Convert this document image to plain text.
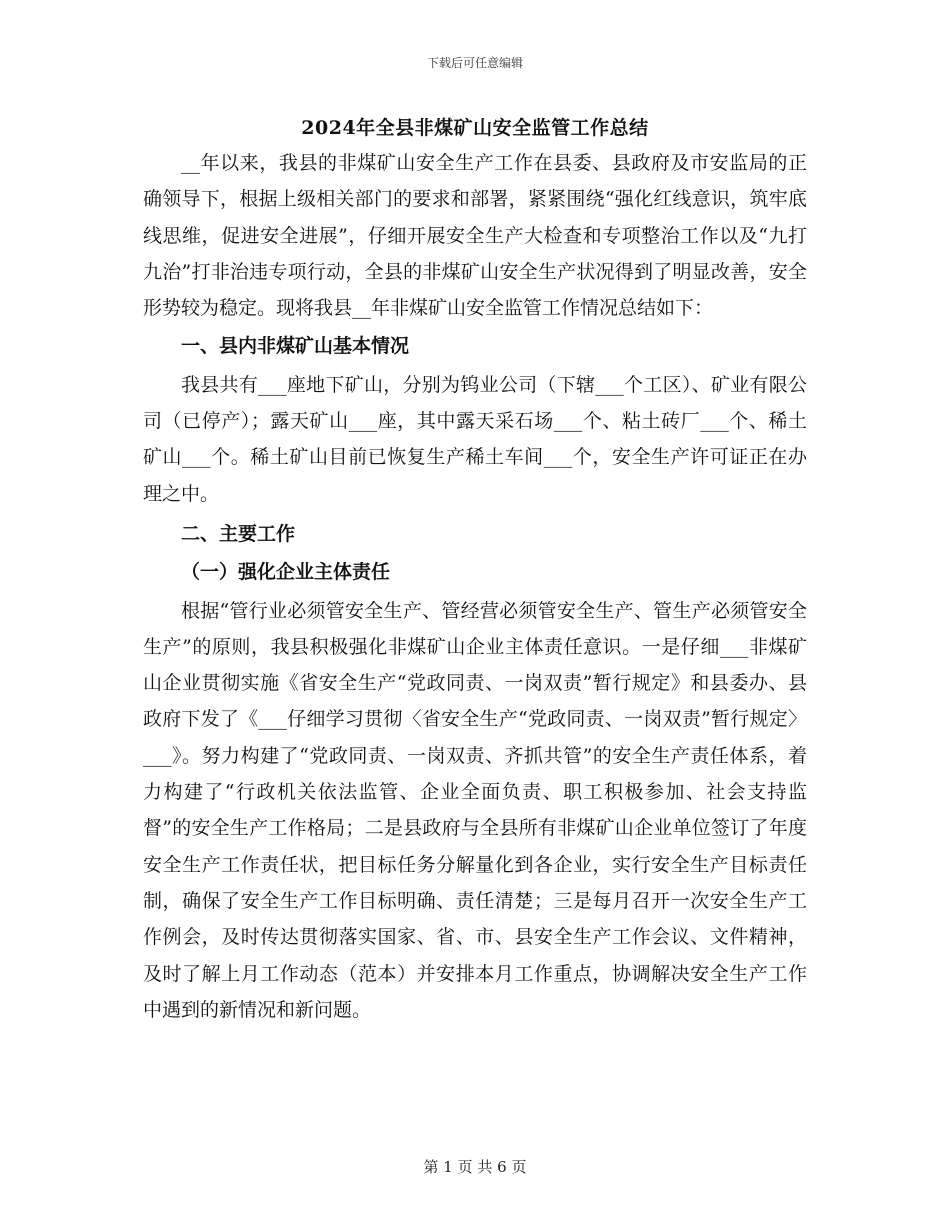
下载后可任意编辑
2024年全县非煤矿山安全监管工作总结

__年以来，我县的非煤矿山安全生产工作在县委、县政府及市安监局的正确领导下，根据上级相关部门的要求和部署，紧紧围绕“强化红线意识，筑牢底线思维，促进安全进展”，仔细开展安全生产大检查和专项整治工作以及“九打九治”打非治违专项行动，全县的非煤矿山安全生产状况得到了明显改善，安全形势较为稳定。现将我县__年非煤矿山安全监管工作情况总结如下：

一、县内非煤矿山基本情况

我县共有___座地下矿山，分别为钨业公司（下辖___个工区）、矿业有限公司（已停产）；露天矿山___座，其中露天采石场___个、粘土砖厂___个、稀土矿山___个。稀土矿山目前已恢复生产稀土车间___个，安全生产许可证正在办理之中。

二、主要工作

（一）强化企业主体责任

根据“管行业必须管安全生产、管经营必须管安全生产、管生产必须管安全生产”的原则，我县积极强化非煤矿山企业主体责任意识。一是仔细___非煤矿山企业贯彻实施《省安全生产“党政同责、一岗双责”暂行规定》和县委办、县政府下发了《___仔细学习贯彻〈省安全生产“党政同责、一岗双责”暂行规定〉___》。努力构建了“党政同责、一岗双责、齐抓共管”的安全生产责任体系，着力构建了“行政机关依法监管、企业全面负责、职工积极参加、社会支持监督”的安全生产工作格局；二是县政府与全县所有非煤矿山企业单位签订了年度安全生产工作责任状，把目标任务分解量化到各企业，实行安全生产目标责任制，确保了安全生产工作目标明确、责任清楚；三是每月召开一次安全生产工作例会，及时传达贯彻落实国家、省、市、县安全生产工作会议、文件精神，及时了解上月工作动态（范本）并安排本月工作重点，协调解决安全生产工作中遇到的新情况和新问题。

第 1 页 共 6 页
